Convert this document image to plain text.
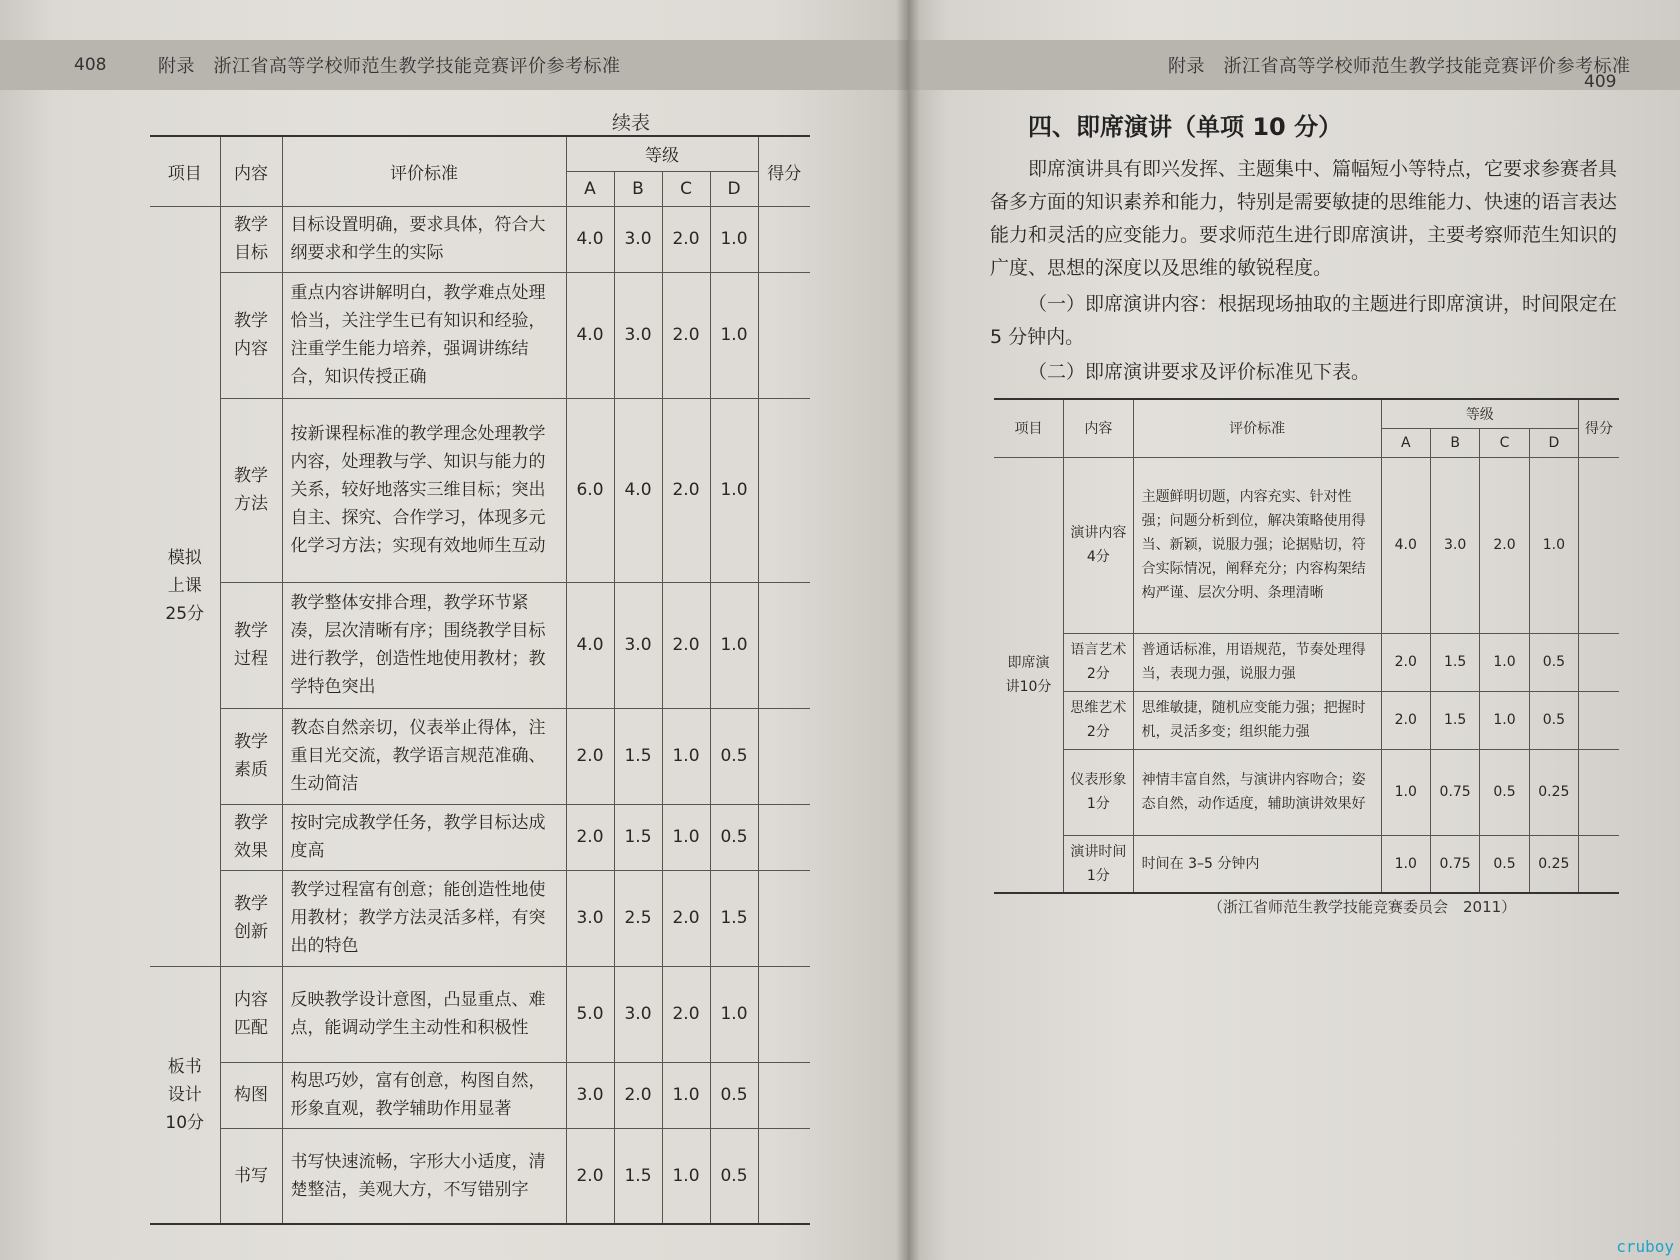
408	附录　浙江省高等学校师范生教学技能竞赛评价参考标准
续表
项目	内容	评价标准	等级				得分
			A	B	C	D	
模拟上课25分	教学目标	目标设置明确，要求具体，符合大纲要求和学生的实际	4.0	3.0	2.0	1.0	
	教学内容	重点内容讲解明白，教学难点处理恰当，关注学生已有知识和经验，注重学生能力培养，强调讲练结合，知识传授正确	4.0	3.0	2.0	1.0	
	教学方法	按新课程标准的教学理念处理教学内容，处理教与学、知识与能力的关系，较好地落实三维目标；突出自主、探究、合作学习，体现多元化学习方法；实现有效地师生互动	6.0	4.0	2.0	1.0	
	教学过程	教学整体安排合理，教学环节紧凑，层次清晰有序；围绕教学目标进行教学，创造性地使用教材；教学特色突出	4.0	3.0	2.0	1.0	
	教学素质	教态自然亲切，仪表举止得体，注重目光交流，教学语言规范准确、生动简洁	2.0	1.5	1.0	0.5	
	教学效果	按时完成教学任务，教学目标达成度高	2.0	1.5	1.0	0.5	
	教学创新	教学过程富有创意；能创造性地使用教材；教学方法灵活多样，有突出的特色	3.0	2.5	2.0	1.5	
板书设计10分	内容匹配	反映教学设计意图，凸显重点、难点，能调动学生主动性和积极性	5.0	3.0	2.0	1.0	
	构图	构思巧妙，富有创意，构图自然，形象直观，教学辅助作用显著	3.0	2.0	1.0	0.5	
	书写	书写快速流畅，字形大小适度，清楚整洁，美观大方，不写错别字	2.0	1.5	1.0	0.5	
附录　浙江省高等学校师范生教学技能竞赛评价参考标准
409
四、即席演讲（单项 10 分）
即席演讲具有即兴发挥、主题集中、篇幅短小等特点，它要求参赛者具备多方面的知识素养和能力，特别是需要敏捷的思维能力、快速的语言表达能力和灵活的应变能力。要求师范生进行即席演讲，主要考察师范生知识的广度、思想的深度以及思维的敏锐程度。
（一）即席演讲内容：根据现场抽取的主题进行即席演讲，时间限定在 5 分钟内。
（二）即席演讲要求及评价标准见下表。
项目	内容	评价标准	等级				得分
			A	B	C	D	
即席演讲10分	演讲内容4分	主题鲜明切题，内容充实、针对性强；问题分析到位，解决策略使用得当、新颖，说服力强；论据贴切，符合实际情况，阐释充分；内容构架结构严谨、层次分明、条理清晰	4.0	3.0	2.0	1.0	
	语言艺术2分	普通话标准，用语规范，节奏处理得当，表现力强，说服力强	2.0	1.5	1.0	0.5	
	思维艺术2分	思维敏捷，随机应变能力强；把握时机，灵活多变；组织能力强	2.0	1.5	1.0	0.5	
	仪表形象1分	神情丰富自然，与演讲内容吻合；姿态自然，动作适度，辅助演讲效果好	1.0	0.75	0.5	0.25	
	演讲时间1分	时间在 3–5 分钟内	1.0	0.75	0.5	0.25	
（浙江省师范生教学技能竞赛委员会　2011）
cruboy
